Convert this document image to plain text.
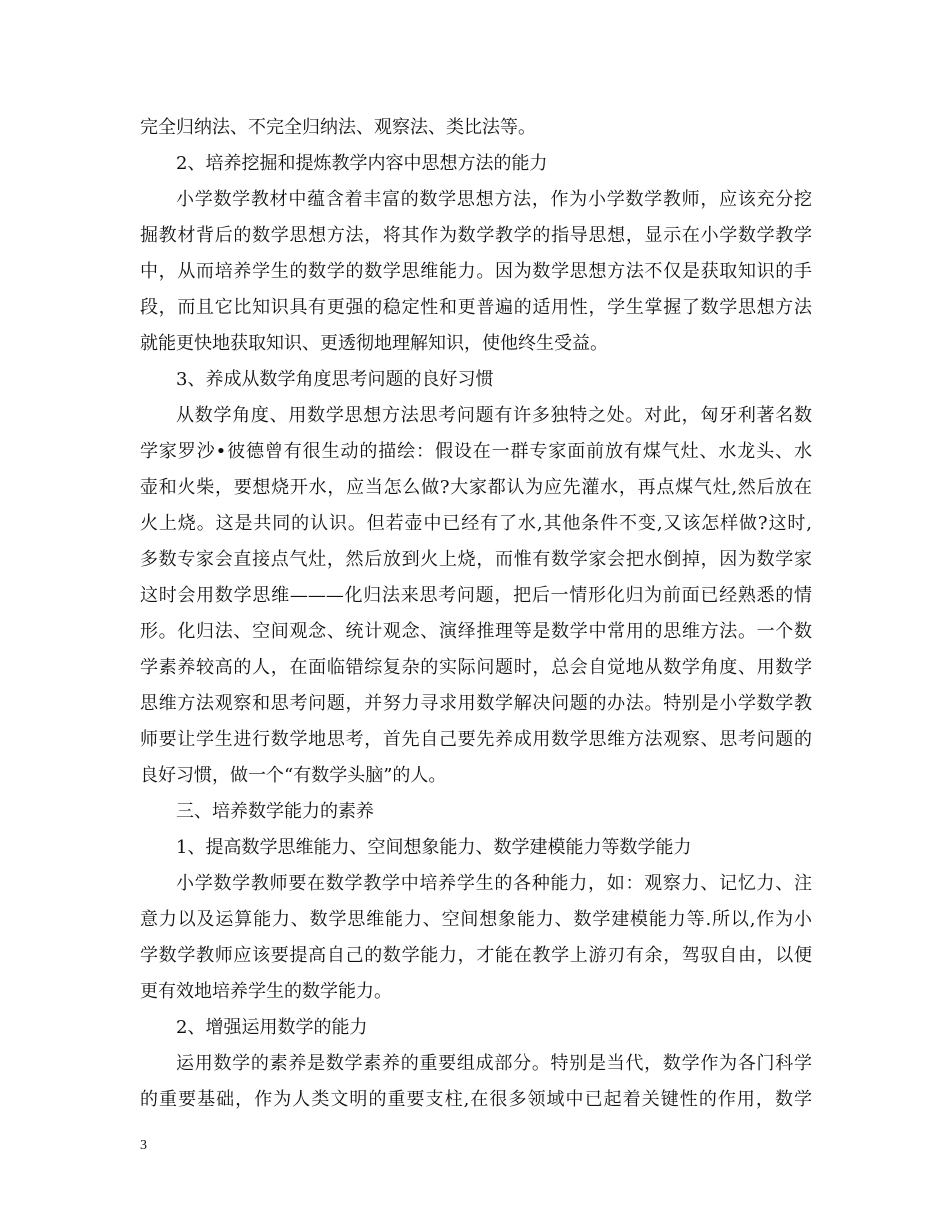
完全归纳法、不完全归纳法、观察法、类比法等。
2、培养挖掘和提炼教学内容中思想方法的能力
小学数学教材中蕴含着丰富的数学思想方法，作为小学数学教师，应该充分挖
掘教材背后的数学思想方法，将其作为数学教学的指导思想，显示在小学数学教学
中，从而培养学生的数学的数学思维能力。因为数学思想方法不仅是获取知识的手
段，而且它比知识具有更强的稳定性和更普遍的适用性，学生掌握了数学思想方法
就能更快地获取知识、更透彻地理解知识，使他终生受益。
3、养成从数学角度思考问题的良好习惯
从数学角度、用数学思想方法思考问题有许多独特之处。对此，匈牙利著名数
学家罗沙•彼德曾有很生动的描绘：假设在一群专家面前放有煤气灶、水龙头、水
壶和火柴，要想烧开水，应当怎么做?大家都认为应先灌水，再点煤气灶,然后放在
火上烧。这是共同的认识。但若壶中已经有了水,其他条件不变,又该怎样做?这时,
多数专家会直接点气灶，然后放到火上烧，而惟有数学家会把水倒掉，因为数学家
这时会用数学思维———化归法来思考问题，把后一情形化归为前面已经熟悉的情
形。化归法、空间观念、统计观念、演绎推理等是数学中常用的思维方法。一个数
学素养较高的人，在面临错综复杂的实际问题时，总会自觉地从数学角度、用数学
思维方法观察和思考问题，并努力寻求用数学解决问题的办法。特别是小学数学教
师要让学生进行数学地思考，首先自己要先养成用数学思维方法观察、思考问题的
良好习惯，做一个“有数学头脑”的人。
三、培养数学能力的素养
1、提高数学思维能力、空间想象能力、数学建模能力等数学能力
小学数学教师要在数学教学中培养学生的各种能力，如：观察力、记忆力、注
意力以及运算能力、数学思维能力、空间想象能力、数学建模能力等.所以,作为小
学数学教师应该要提高自己的数学能力，才能在教学上游刃有余，驾驭自由，以便
更有效地培养学生的数学能力。
2、增强运用数学的能力
运用数学的素养是数学素养的重要组成部分。特别是当代，数学作为各门科学
的重要基础，作为人类文明的重要支柱,在很多领域中已起着关键性的作用，数学
3
